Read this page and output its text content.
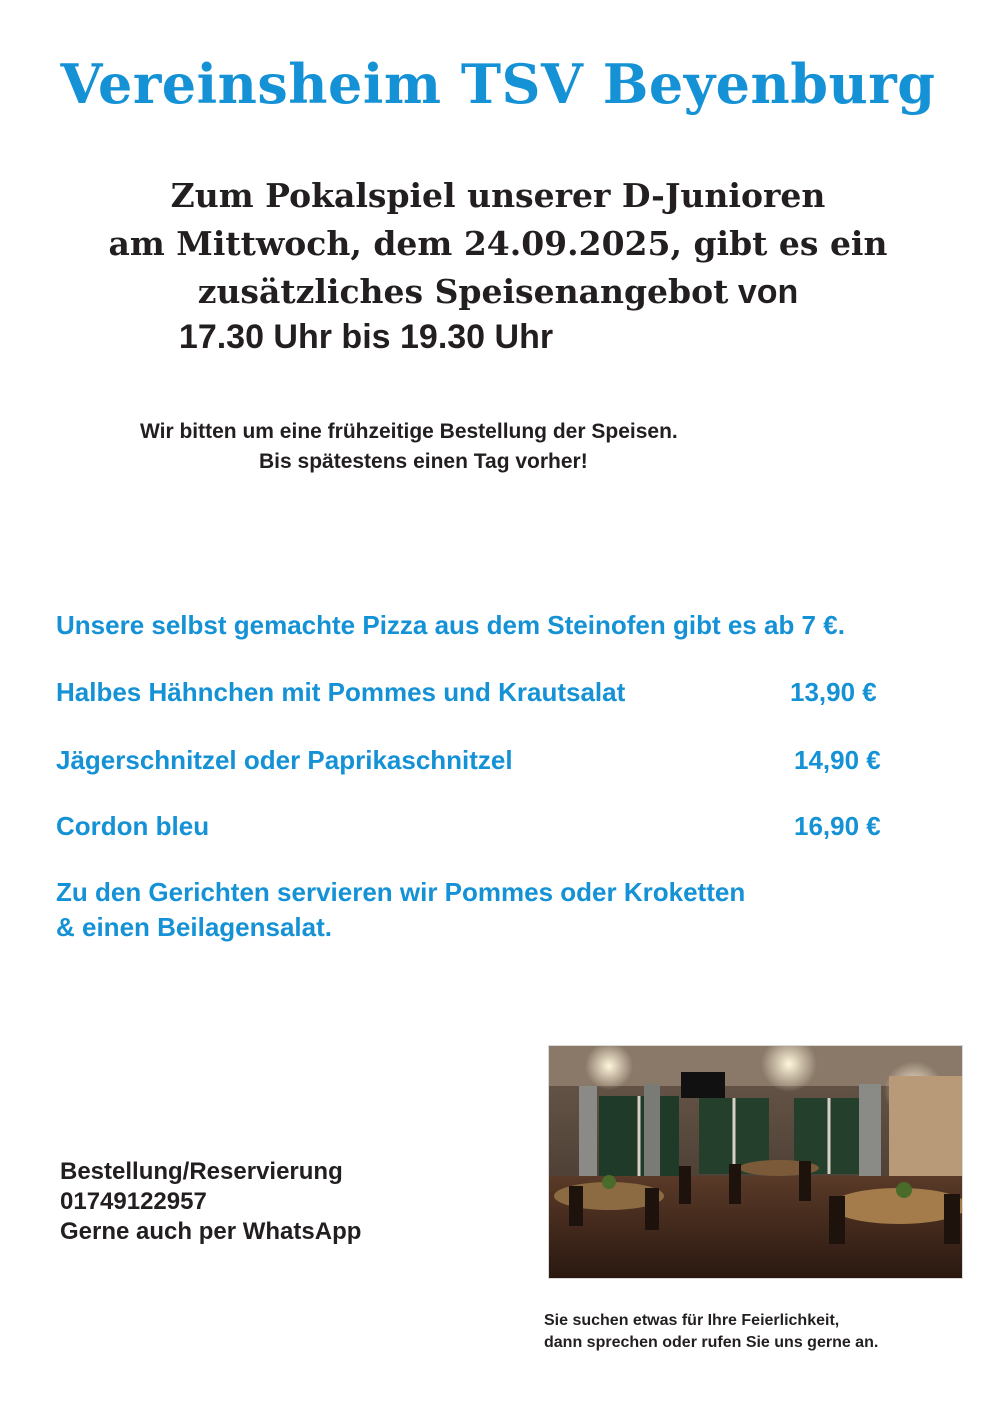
Vereinsheim TSV Beyenburg
Zum Pokalspiel unserer D-Junioren
am Mittwoch, dem 24.09.2025, gibt es ein
zusätzliches Speisenangebot von
17.30 Uhr bis 19.30 Uhr
Wir bitten um eine frühzeitige Bestellung der Speisen.
Bis spätestens einen Tag vorher!
Unsere selbst gemachte Pizza aus dem Steinofen gibt es ab 7 €.
Halbes Hähnchen mit Pommes und Krautsalat	13,90 €
Jägerschnitzel oder Paprikaschnitzel	14,90 €
Cordon bleu	16,90 €
Zu den Gerichten servieren wir Pommes oder Kroketten
& einen Beilagensalat.
Bestellung/Reservierung
01749122957
Gerne auch per WhatsApp
Sie suchen etwas für Ihre Feierlichkeit,
dann sprechen oder rufen Sie uns gerne an.
